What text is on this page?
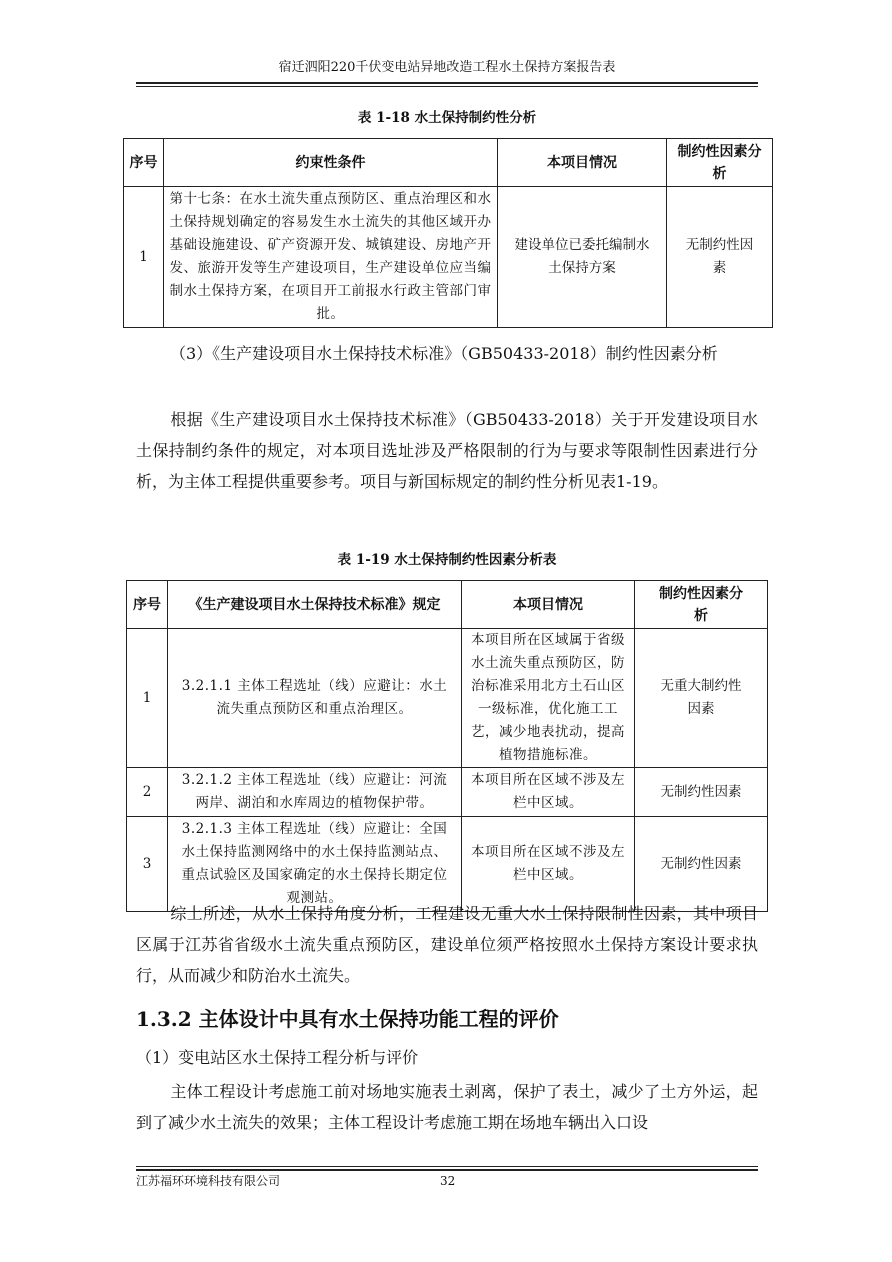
宿迁泗阳220千伏变电站异地改造工程水土保持方案报告表
表 1-18 水土保持制约性分析
序号	约束性条件	本项目情况	制约性因素分析
1	第十七条：在水土流失重点预防区、重点治理区和水土保持规划确定的容易发生水土流失的其他区域开办基础设施建设、矿产资源开发、城镇建设、房地产开发、旅游开发等生产建设项目，生产建设单位应当编制水土保持方案，在项目开工前报水行政主管部门审批。	建设单位已委托编制水土保持方案	无制约性因素

（3）《生产建设项目水土保持技术标准》（GB50433-2018）制约性因素分析

根据《生产建设项目水土保持技术标准》（GB50433-2018）关于开发建设项目水土保持制约条件的规定，对本项目选址涉及严格限制的行为与要求等限制性因素进行分析，为主体工程提供重要参考。项目与新国标规定的制约性分析见表1-19。

表 1-19 水土保持制约性因素分析表
序号	《生产建设项目水土保持技术标准》规定	本项目情况	制约性因素分析
1	3.2.1.1 主体工程选址（线）应避让：水土流失重点预防区和重点治理区。	本项目所在区域属于省级水土流失重点预防区，防治标准采用北方土石山区一级标准，优化施工工艺，减少地表扰动，提高植物措施标准。	无重大制约性因素
2	3.2.1.2 主体工程选址（线）应避让：河流两岸、湖泊和水库周边的植物保护带。	本项目所在区域不涉及左栏中区域。	无制约性因素
3	3.2.1.3 主体工程选址（线）应避让：全国水土保持监测网络中的水土保持监测站点、重点试验区及国家确定的水土保持长期定位观测站。	本项目所在区域不涉及左栏中区域。	无制约性因素

综上所述，从水土保持角度分析，工程建设无重大水土保持限制性因素，其中项目区属于江苏省省级水土流失重点预防区，建设单位须严格按照水土保持方案设计要求执行，从而减少和防治水土流失。

1.3.2 主体设计中具有水土保持功能工程的评价

（1）变电站区水土保持工程分析与评价

主体工程设计考虑施工前对场地实施表土剥离，保护了表土，减少了土方外运，起到了减少水土流失的效果；主体工程设计考虑施工期在场地车辆出入口设

江苏福环环境科技有限公司	32
